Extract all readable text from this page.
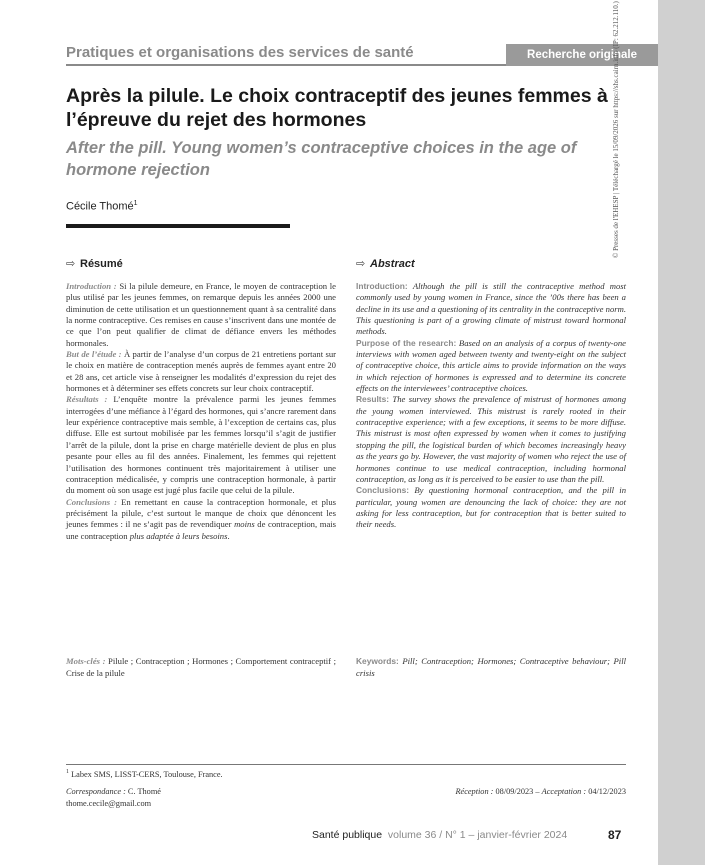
Pratiques et organisations des services de santé	Recherche originale
Après la pilule. Le choix contraceptif des jeunes femmes à l’épreuve du rejet des hormones
After the pill. Young women’s contraceptive choices in the age of hormone rejection
Cécile Thomé$^1$	© Presses de l'EHESP | Téléchargé le 15/09/2026 sur https://shs.cairn.info (IP: 62.212.110.)
⇨ Résumé

Introduction : Si la pilule demeure, en France, le moyen de contraception le plus utilisé par les jeunes femmes, on remarque depuis les années 2000 une diminution de cette utilisation et un questionnement quant à sa centralité dans la norme contraceptive. Ces remises en cause s’inscrivent dans une montée de ce que l’on peut qualifier de climat de défiance envers les méthodes hormonales.

But de l’étude : À partir de l’analyse d’un corpus de 21 entretiens portant sur le choix en matière de contraception menés auprès de femmes ayant entre 20 et 28 ans, cet article vise à renseigner les modalités d’expression du rejet des hormones et à déterminer ses effets concrets sur leur choix contraceptif.

Résultats : L’enquête montre la prévalence parmi les jeunes femmes interrogées d’une méfiance à l’égard des hormones, qui s’ancre rarement dans leur expérience contraceptive mais semble, à l’exception de certains cas, plus diffuse. Elle est surtout mobilisée par les femmes lorsqu’il s’agit de justifier l’arrêt de la pilule, dont la prise en charge matérielle devient de plus en plus pesante pour elles au fil des années. Finalement, les femmes qui rejettent l’utilisation des hormones continuent très majoritairement à utiliser une contraception médicalisée, y compris une contraception hormonale, à partir du moment où son usage est jugé plus facile que celui de la pilule.

Conclusions : En remettant en cause la contraception hormonale, et plus précisément la pilule, c’est surtout le manque de choix que dénoncent les jeunes femmes : il ne s’agit pas de revendiquer moins de contraception, mais une contraception plus adaptée à leurs besoins.

Mots-clés : Pilule ; Contraception ; Hormones ; Comportement contraceptif ; Crise de la pilule
⇨ Abstract

Introduction: Although the pill is still the contraceptive method most commonly used by young women in France, since the ’00s there has been a decline in its use and a questioning of its centrality in the contraceptive norm. This questioning is part of a growing climate of mistrust toward hormonal methods.

Purpose of the research: Based on an analysis of a corpus of twenty-one interviews with women aged between twenty and twenty-eight on the subject of contraceptive choice, this article aims to provide information on the ways in which rejection of hormones is expressed and to determine its concrete effects on the interviewees’ contraceptive choices.

Results: The survey shows the prevalence of mistrust of hormones among the young women interviewed. This mistrust is rarely rooted in their contraceptive experience; with a few exceptions, it seems to be more diffuse. This mistrust is most often expressed by women when it comes to justifying stopping the pill, the logistical burden of which becomes increasingly heavy as the years go by. However, the vast majority of women who reject the use of hormones continue to use medical contraception, including hormonal contraception, as long as it is perceived to be easier to use than the pill.

Conclusions: By questioning hormonal contraception, and the pill in particular, young women are denouncing the lack of choice: they are not asking for less contraception, but for contraception that is better suited to their needs.

Keywords: Pill; Contraception; Hormones; Contraceptive behaviour; Pill crisis
$^1$ Labex SMS, LISST-CERS, Toulouse, France.
Correspondance : C. Thomé
thome.cecile@gmail.com
Réception : 08/09/2023 – Acceptation : 04/12/2023
Santé publique volume 36 / N° 1 – janvier-février 2024	87
